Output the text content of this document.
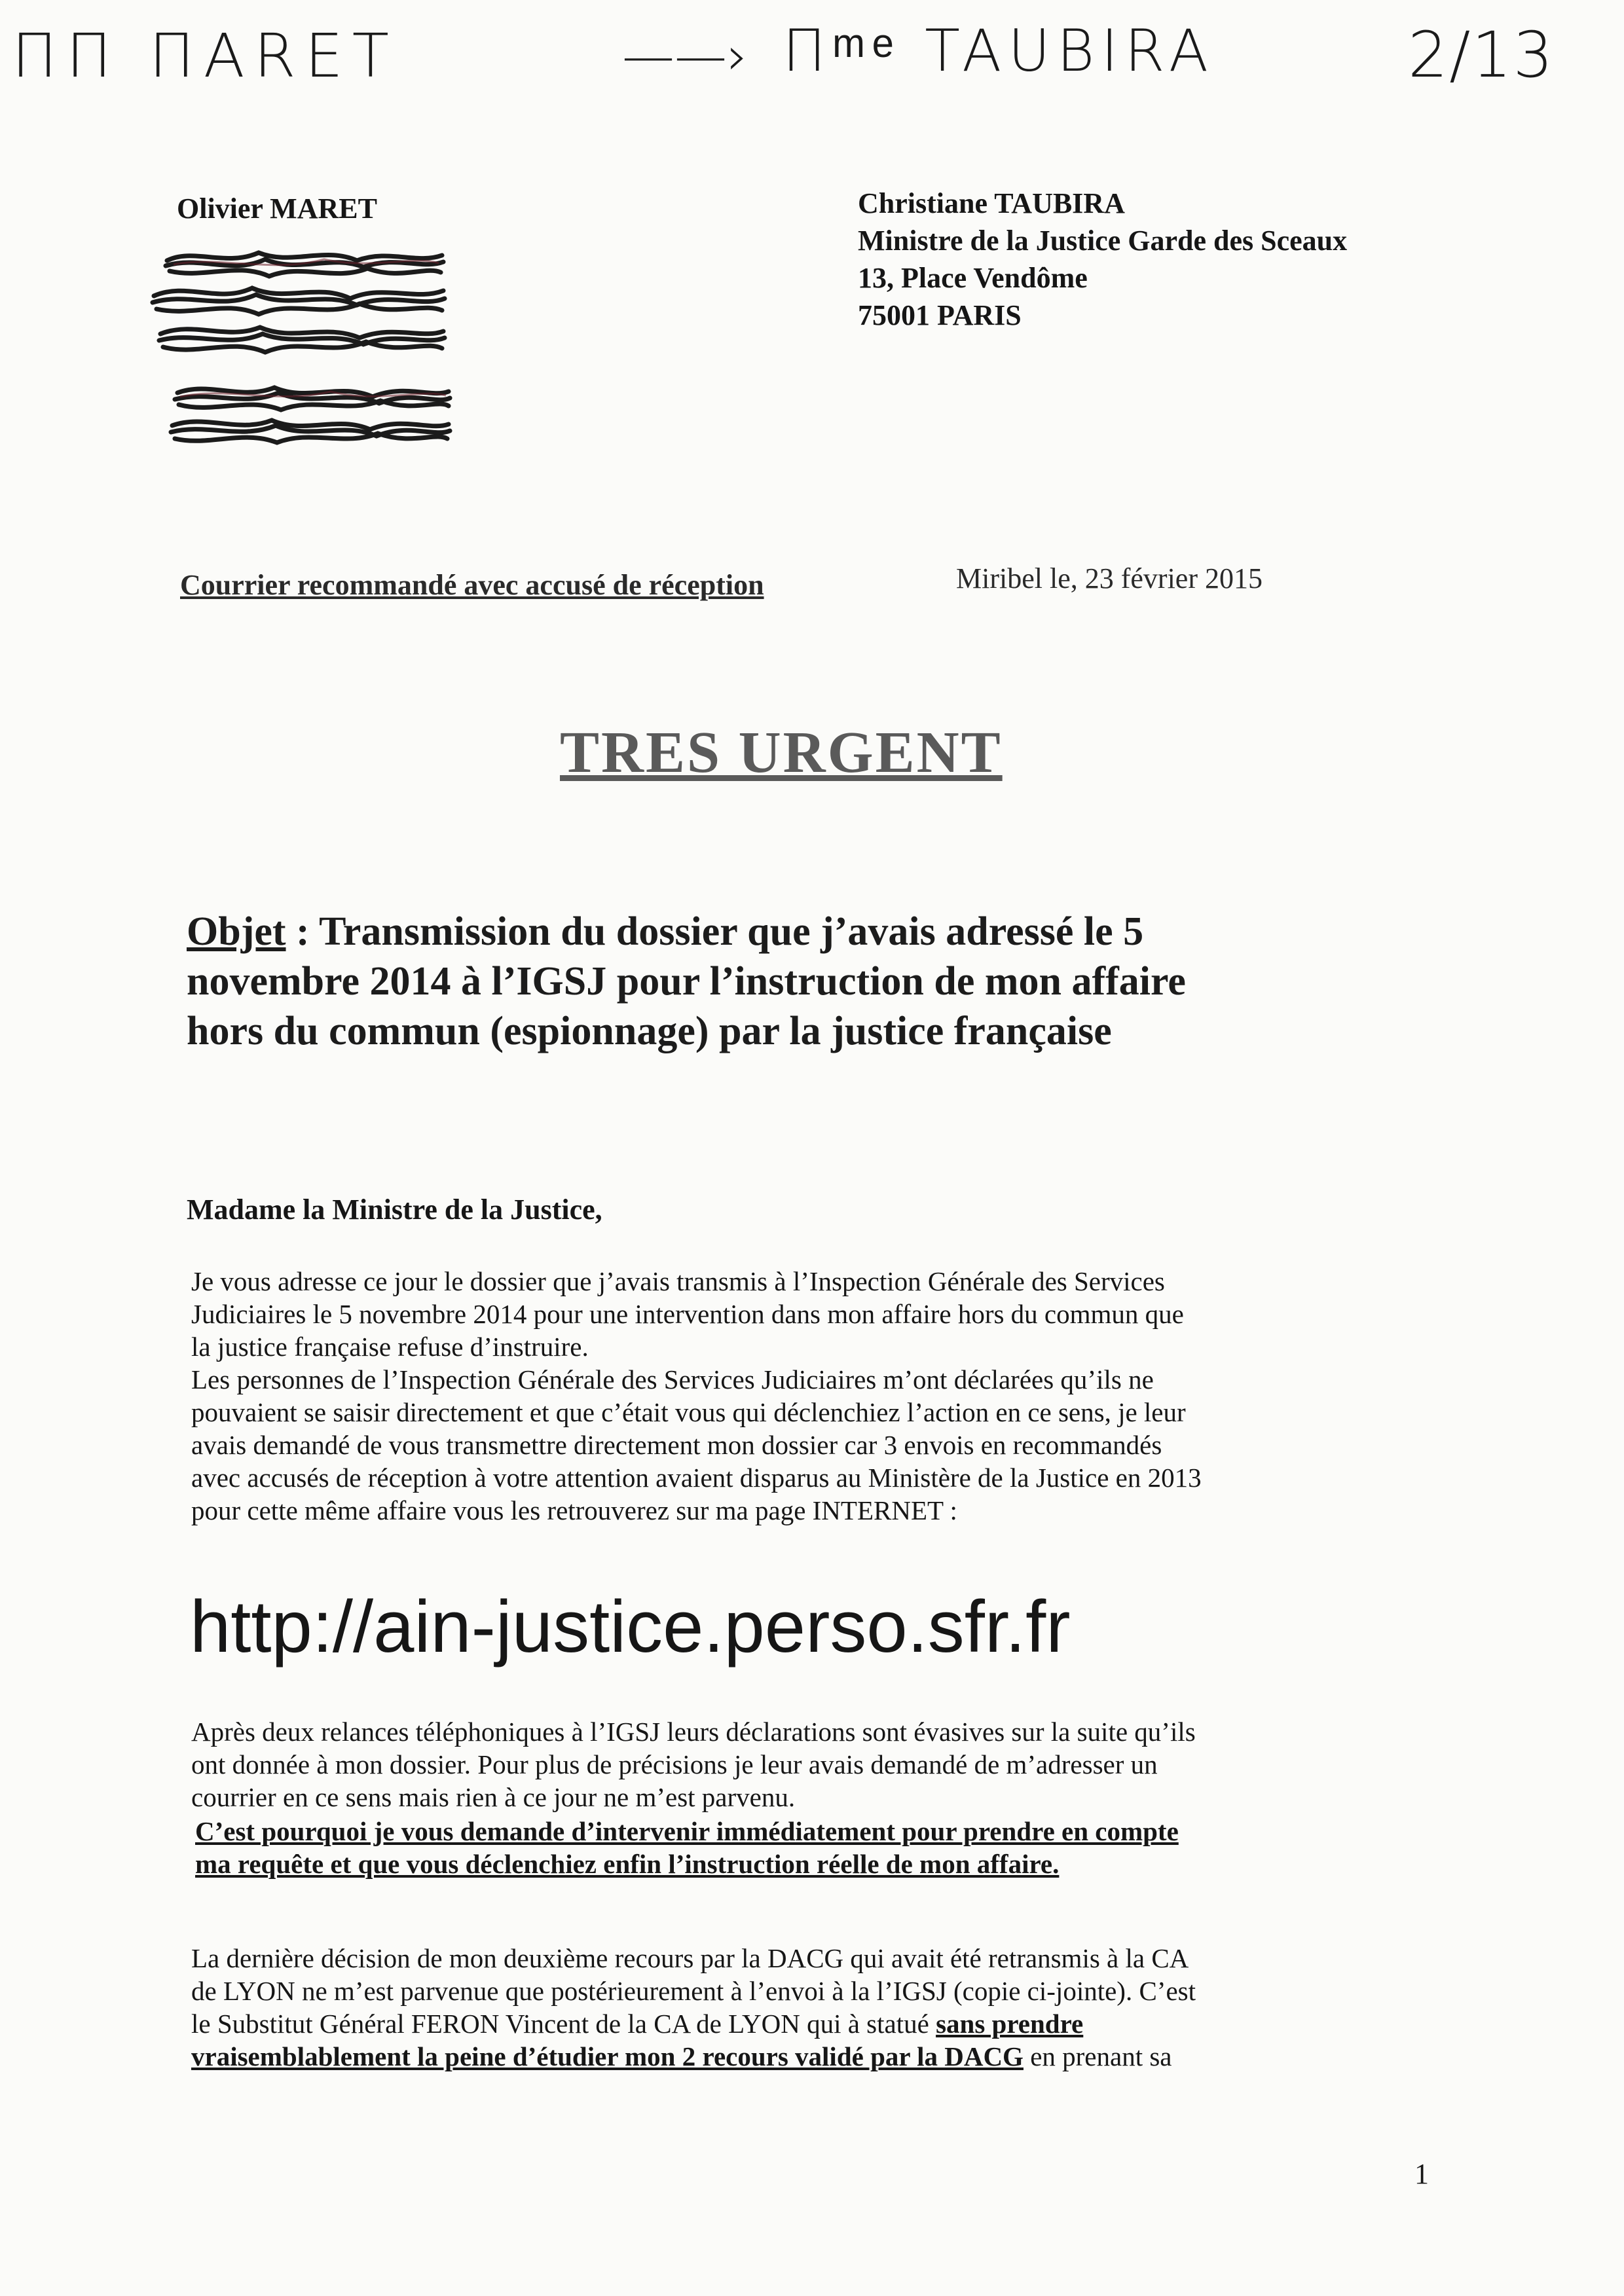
ΠΠ ΠARET	——› Πᵐᵉ TAUBIRA	2/13
Olivier MARET	Christiane TAUBIRA
Ministre de la Justice Garde des Sceaux
13, Place Vendôme
75001 PARIS
Courrier recommandé avec accusé de réception	Miribel le, 23 février 2015
TRES URGENT
Objet : Transmission du dossier que j’avais adressé le 5
novembre 2014 à l’IGSJ pour l’instruction de mon affaire
hors du commun (espionnage) par la justice française
Madame la Ministre de la Justice,
Je vous adresse ce jour le dossier que j’avais transmis à l’Inspection Générale des Services
Judiciaires le 5 novembre 2014 pour une intervention dans mon affaire hors du commun que
la justice française refuse d’instruire.
Les personnes de l’Inspection Générale des Services Judiciaires m’ont déclarées qu’ils ne
pouvaient se saisir directement et que c’était vous qui déclenchiez l’action en ce sens, je leur
avais demandé de vous transmettre directement mon dossier car 3 envois en recommandés
avec accusés de réception à votre attention avaient disparus au Ministère de la Justice en 2013
pour cette même affaire vous les retrouverez sur ma page INTERNET :
http://ain-justice.perso.sfr.fr
Après deux relances téléphoniques à l’IGSJ leurs déclarations sont évasives sur la suite qu’ils
ont donnée à mon dossier. Pour plus de précisions je leur avais demandé de m’adresser un
courrier en ce sens mais rien à ce jour ne m’est parvenu.
C’est pourquoi je vous demande d’intervenir immédiatement pour prendre en compte
ma requête et que vous déclenchiez enfin l’instruction réelle de mon affaire.
La dernière décision de mon deuxième recours par la DACG qui avait été retransmis à la CA
de LYON ne m’est parvenue que postérieurement à l’envoi à la l’IGSJ (copie ci-jointe). C’est
le Substitut Général FERON Vincent de la CA de LYON qui à statué sans prendre
vraisemblablement la peine d’étudier mon 2 recours validé par la DACG en prenant sa
1
